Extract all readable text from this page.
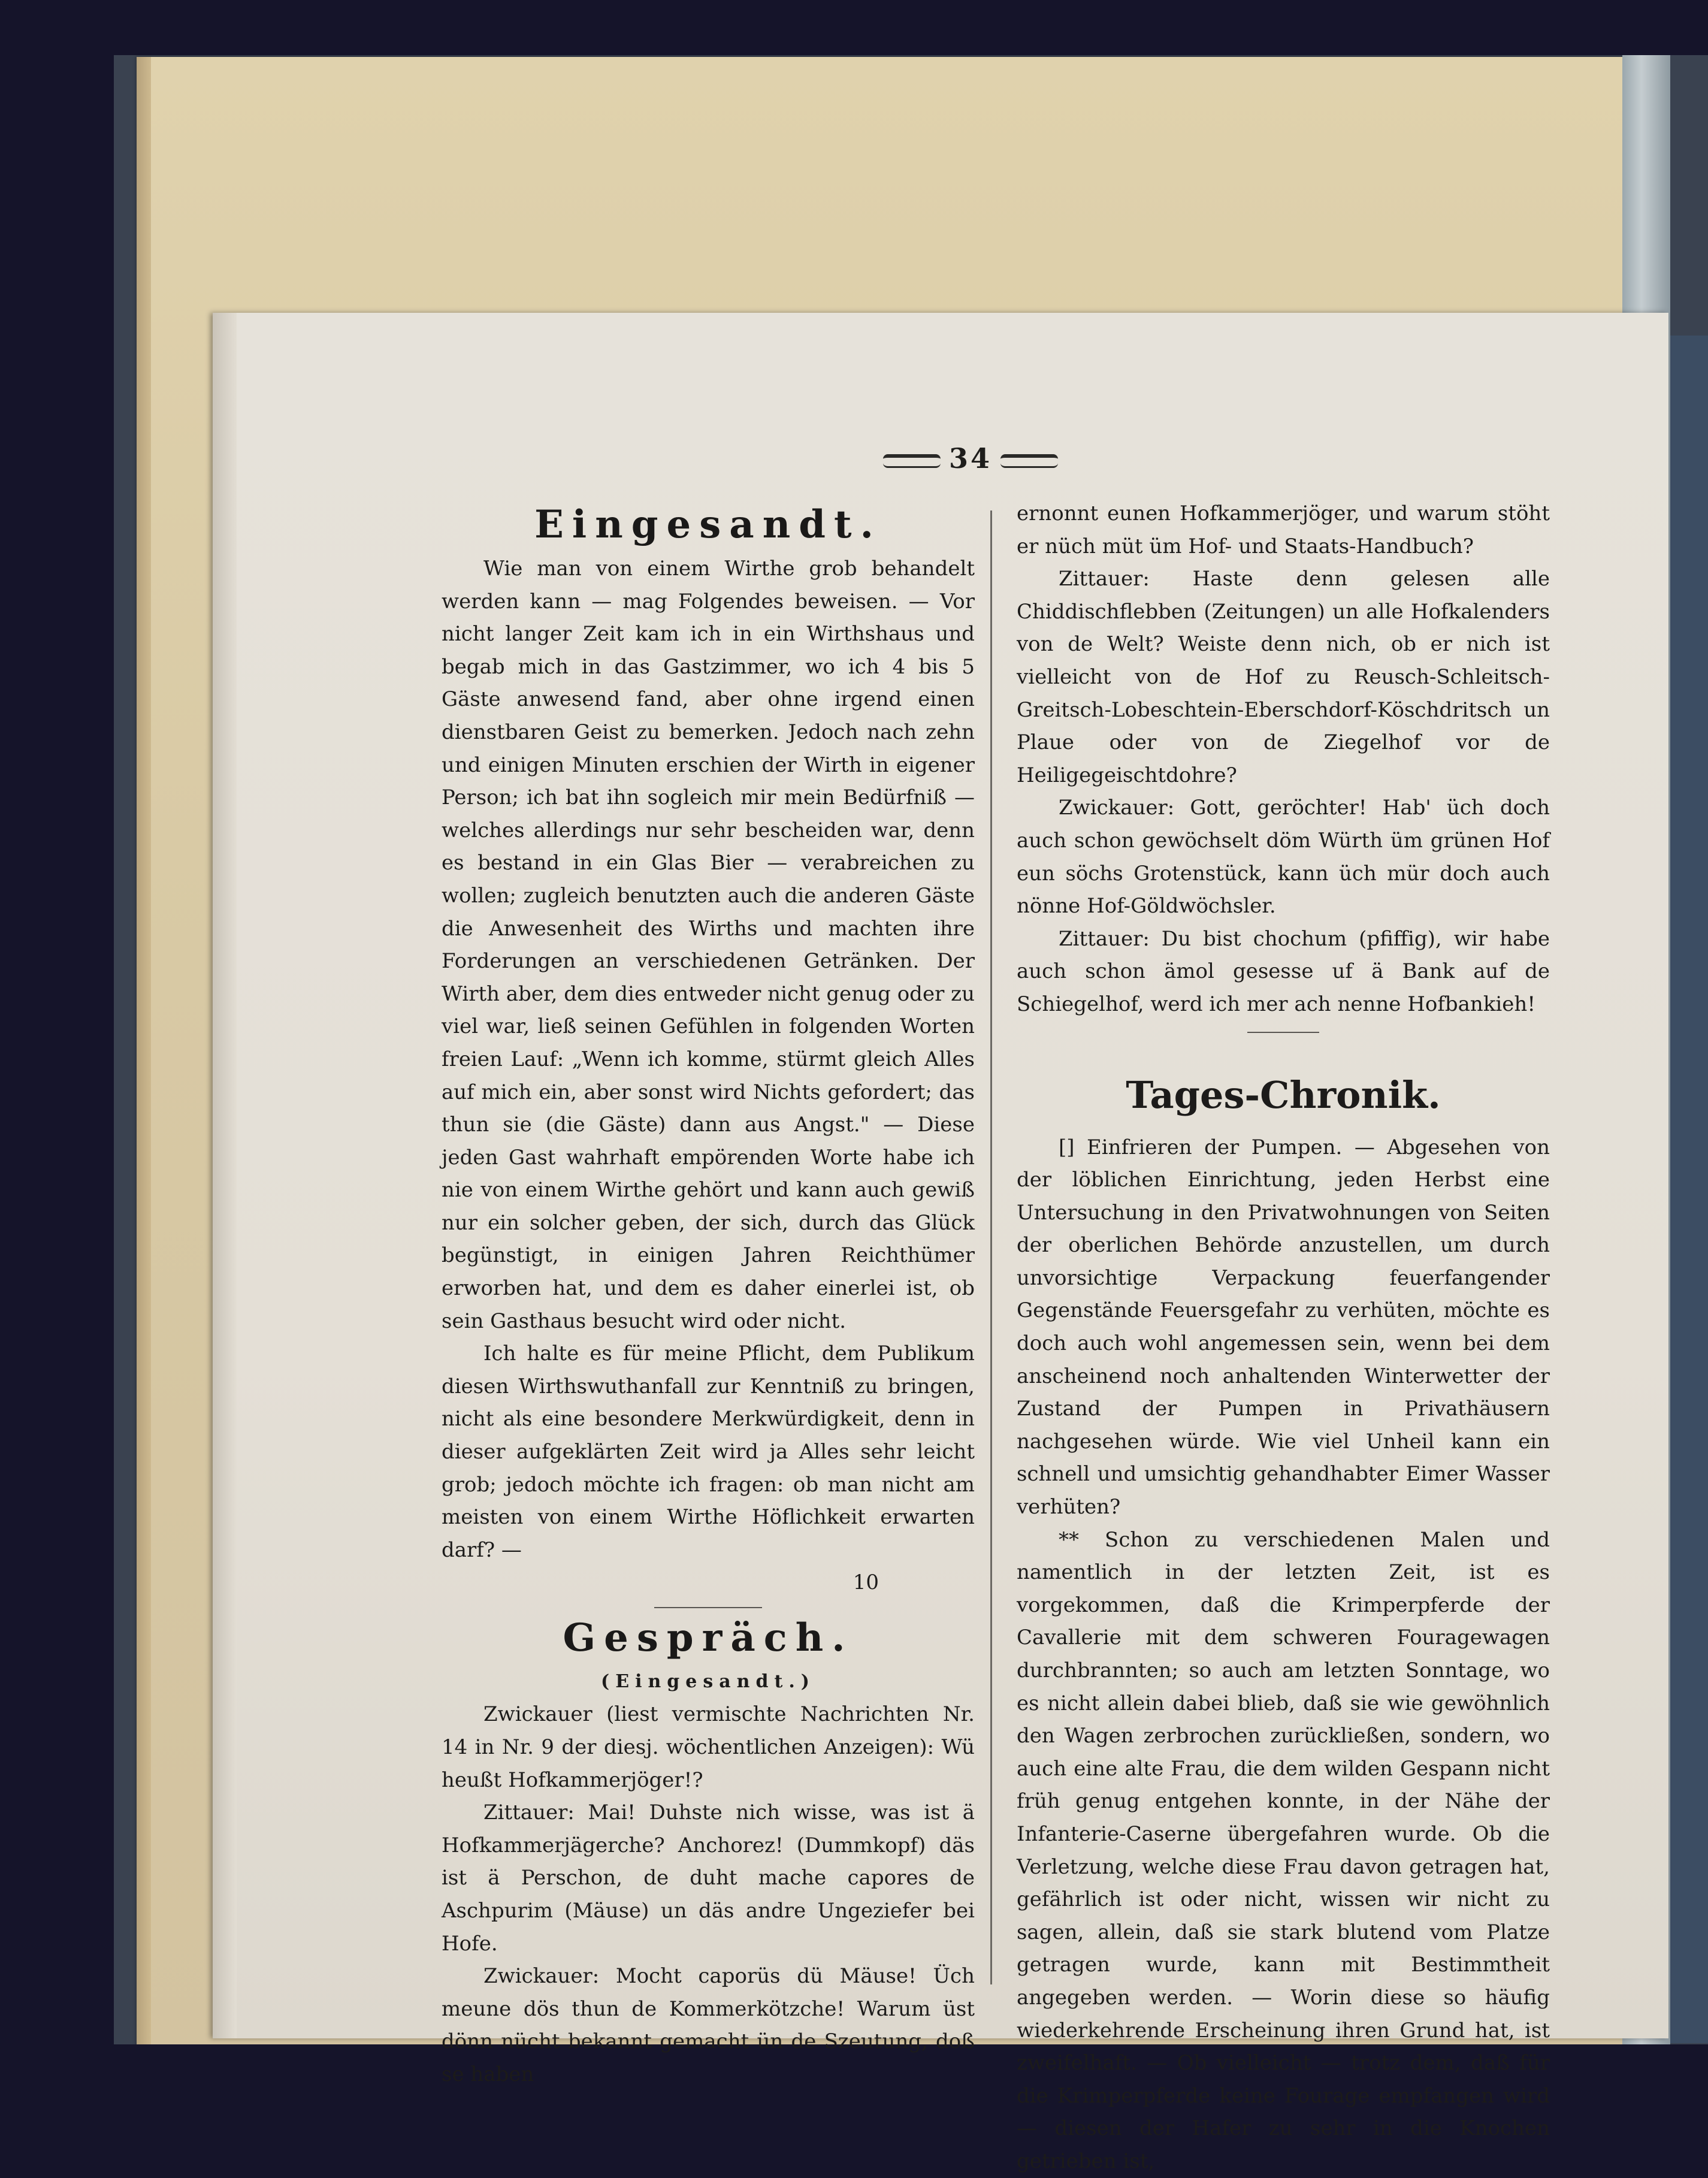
34
Eingesandt.

Wie man von einem Wirthe grob behandelt werden kann — mag Folgendes beweisen. — Vor nicht langer Zeit kam ich in ein Wirthshaus und begab mich in das Gastzimmer, wo ich 4 bis 5 Gäste anwesend fand, aber ohne irgend einen dienstbaren Geist zu bemerken. Jedoch nach zehn und einigen Minuten erschien der Wirth in eigener Person; ich bat ihn sogleich mir mein Bedürfniß — welches allerdings nur sehr bescheiden war, denn es bestand in ein Glas Bier — verabreichen zu wollen; zugleich benutzten auch die anderen Gäste die Anwesenheit des Wirths und machten ihre Forderungen an verschiedenen Getränken. Der Wirth aber, dem dies entweder nicht genug oder zu viel war, ließ seinen Gefühlen in folgenden Worten freien Lauf: „Wenn ich komme, stürmt gleich Alles auf mich ein, aber sonst wird Nichts gefordert; das thun sie (die Gäste) dann aus Angst." — Diese jeden Gast wahrhaft empörenden Worte habe ich nie von einem Wirthe gehört und kann auch gewiß nur ein solcher geben, der sich, durch das Glück begünstigt, in einigen Jahren Reichthümer erworben hat, und dem es daher einerlei ist, ob sein Gasthaus besucht wird oder nicht.

Ich halte es für meine Pflicht, dem Publikum diesen Wirthswuthanfall zur Kenntniß zu bringen, nicht als eine besondere Merkwürdigkeit, denn in dieser aufgeklärten Zeit wird ja Alles sehr leicht grob; jedoch möchte ich fragen: ob man nicht am meisten von einem Wirthe Höflichkeit erwarten darf? —

10
Gespräch.
(Eingesandt.)

Zwickauer (liest vermischte Nachrichten Nr. 14 in Nr. 9 der diesj. wöchentlichen Anzeigen): Wü heußt Hofkammerjöger!?

Zittauer: Mai! Duhste nich wisse, was ist ä Hofkammerjägerche? Anchorez! (Dummkopf) däs ist ä Perschon, de duht mache capores de Aschpurim (Mäuse) un däs andre Ungeziefer bei Hofe.

Zwickauer: Mocht caporüs dü Mäuse! Üch meune dös thun de Kommerkötzche! Warum üst dönn nücht bekannt gemacht ün de Szeutung, doß se haben

ernonnt eunen Hofkammerjöger, und warum stöht er nüch müt üm Hof- und Staats-Handbuch?

Zittauer: Haste denn gelesen alle Chiddischflebben (Zeitungen) un alle Hofkalenders von de Welt? Weiste denn nich, ob er nich ist vielleicht von de Hof zu Reusch-Schleitsch-Greitsch-Lobeschtein-Eberschdorf-Köschdritsch un Plaue oder von de Ziegelhof vor de Heiligegeischtdohre?

Zwickauer: Gott, geröchter! Hab' üch doch auch schon gewöchselt döm Würth üm grünen Hof eun söchs Grotenstück, kann üch mür doch auch nönne Hof-Göldwöchsler.

Zittauer: Du bist chochum (pfiffig), wir habe auch schon ämol gesesse uf ä Bank auf de Schiegelhof, werd ich mer ach nenne Hofbankieh!

Tages-Chronik.

[] Einfrieren der Pumpen. — Abgesehen von der löblichen Einrichtung, jeden Herbst eine Untersuchung in den Privatwohnungen von Seiten der oberlichen Behörde anzustellen, um durch unvorsichtige Verpackung feuerfangender Gegenstände Feuersgefahr zu verhüten, möchte es doch auch wohl angemessen sein, wenn bei dem anscheinend noch anhaltenden Winterwetter der Zustand der Pumpen in Privathäusern nachgesehen würde. Wie viel Unheil kann ein schnell und umsichtig gehandhabter Eimer Wasser verhüten?

** Schon zu verschiedenen Malen und namentlich in der letzten Zeit, ist es vorgekommen, daß die Krimperpferde der Cavallerie mit dem schweren Fouragewagen durchbrannten; so auch am letzten Sonntage, wo es nicht allein dabei blieb, daß sie wie gewöhnlich den Wagen zerbrochen zurückließen, sondern, wo auch eine alte Frau, die dem wilden Gespann nicht früh genug entgehen konnte, in der Nähe der Infanterie-Caserne übergefahren wurde. Ob die Verletzung, welche diese Frau davon getragen hat, gefährlich ist oder nicht, wissen wir nicht zu sagen, allein, daß sie stark blutend vom Platze getragen wurde, kann mit Bestimmtheit angegeben werden. — Worin diese so häufig wiederkehrende Erscheinung ihren Grund hat, ist zweifelhaft. — Ob vielleicht — trotz dem, daß für die Krimperpferde keine Fourage empfangen wird — diesen der Hafer zu sehr in die Knochen getrieben ist,
